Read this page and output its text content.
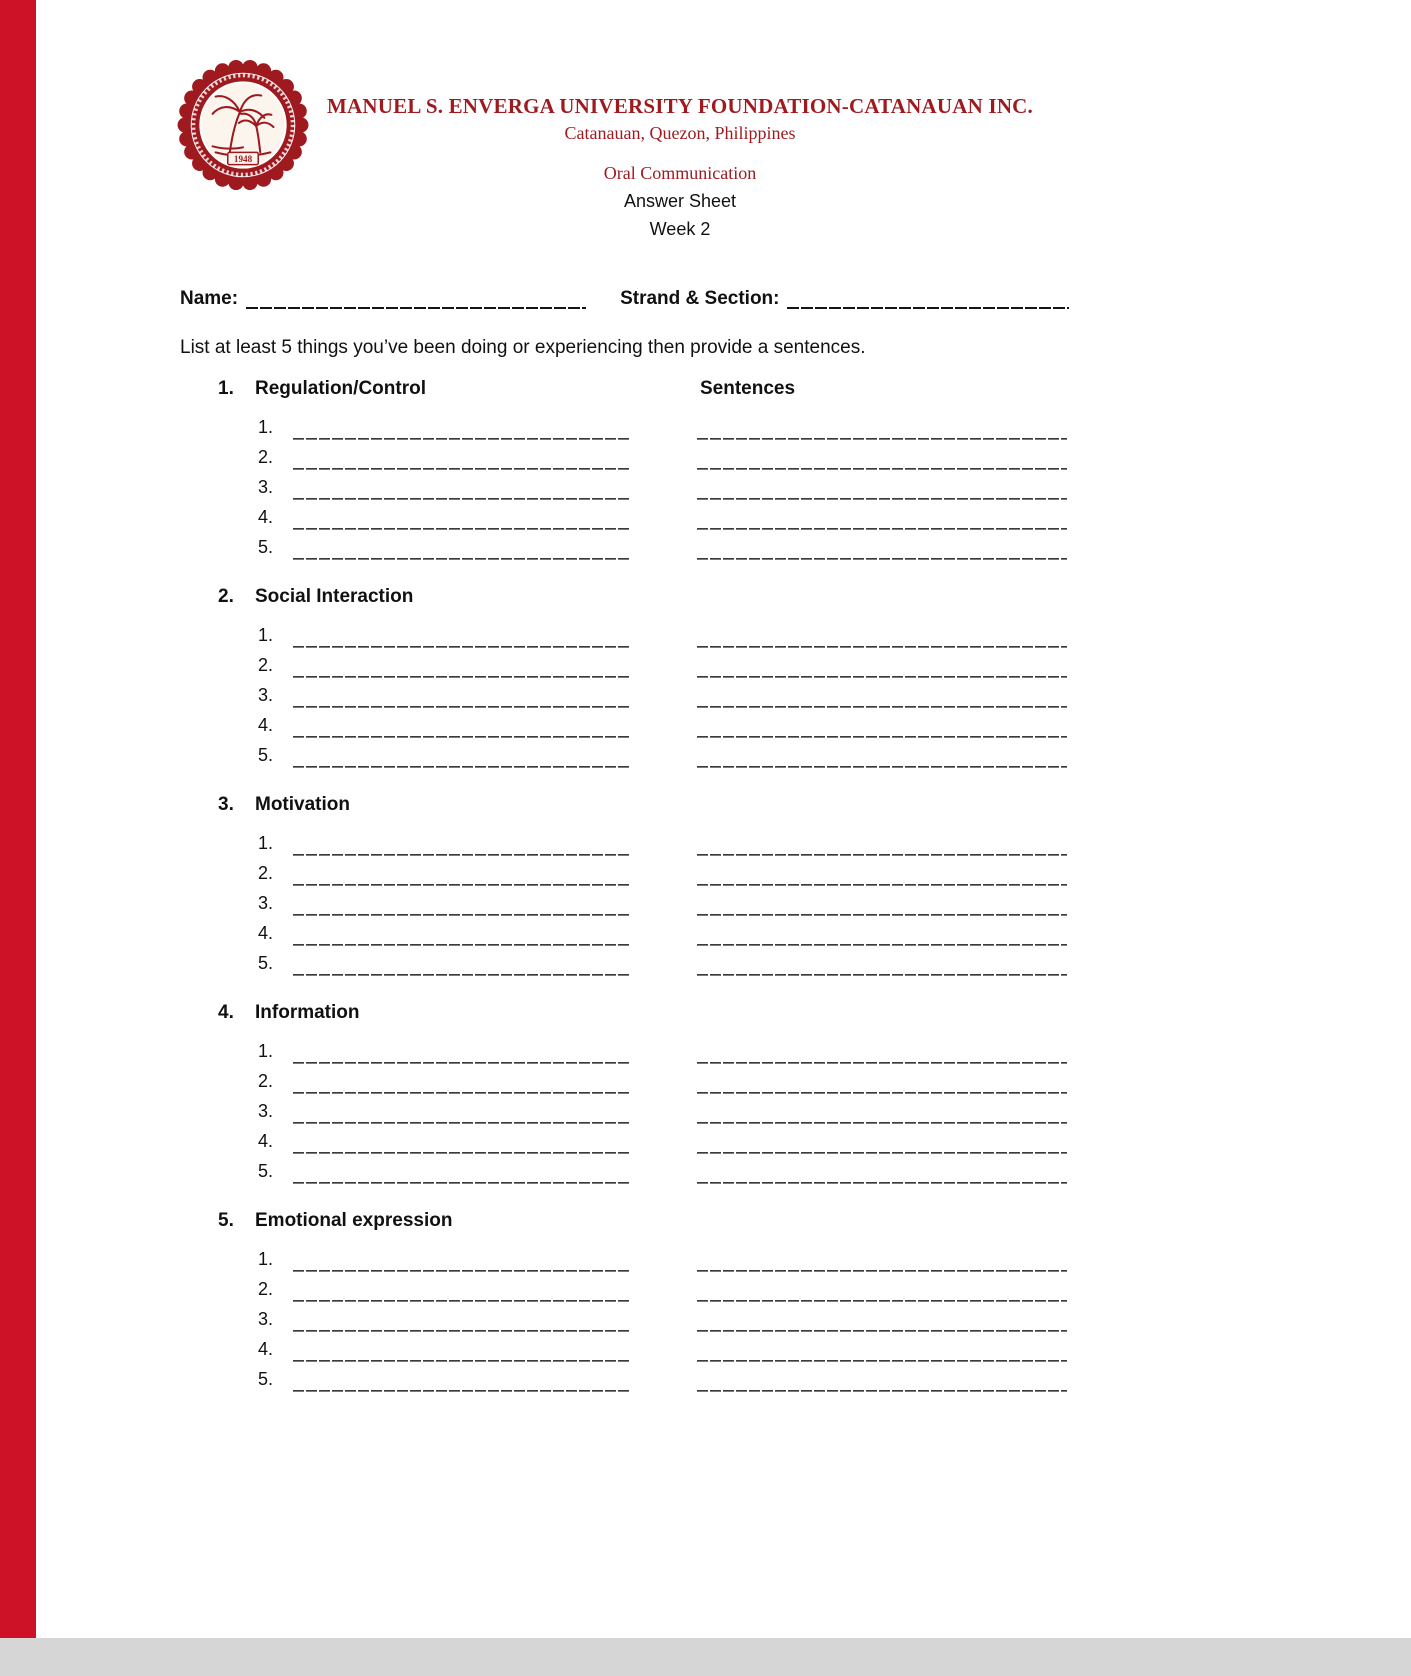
1948
MANUEL S. ENVERGA UNIVERSITY FOUNDATION-CATANAUAN INC.
Catanauan, Quezon, Philippines
Oral Communication
Answer Sheet
Week 2
Name:	Strand & Section:
List at least 5 things you’ve been doing or experiencing then provide a sentences.
1. Regulation/Control	Sentences
1.
2.
3.
4.
5.
2. Social Interaction
1.
2.
3.
4.
5.
3. Motivation
1.
2.
3.
4.
5.
4. Information
1.
2.
3.
4.
5.
5. Emotional expression
1.
2.
3.
4.
5.
